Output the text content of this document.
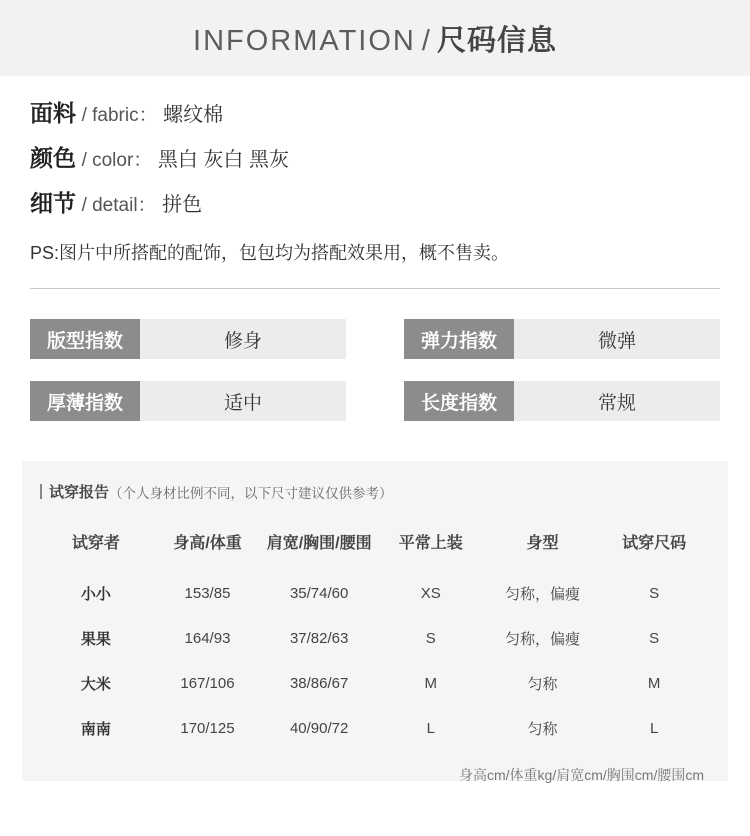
INFORMATION / 尺码信息
面料 / fabric： 螺纹棉
颜色 / color： 黑白 灰白 黑灰
细节 / detail： 拼色
PS:图片中所搭配的配饰，包包均为搭配效果用，概不售卖。
版型指数	修身	弹力指数	微弹
厚薄指数	适中	长度指数	常规
试穿报告 （个人身材比例不同，以下尺寸建议仅供参考）
试穿者	身高/体重	肩宽/胸围/腰围	平常上装	身型	试穿尺码
小小	153/85	35/74/60	XS	匀称，偏瘦	S
果果	164/93	37/82/63	S	匀称，偏瘦	S
大米	167/106	38/86/67	M	匀称	M
南南	170/125	40/90/72	L	匀称	L
身高cm/体重kg/肩宽cm/胸围cm/腰围cm
